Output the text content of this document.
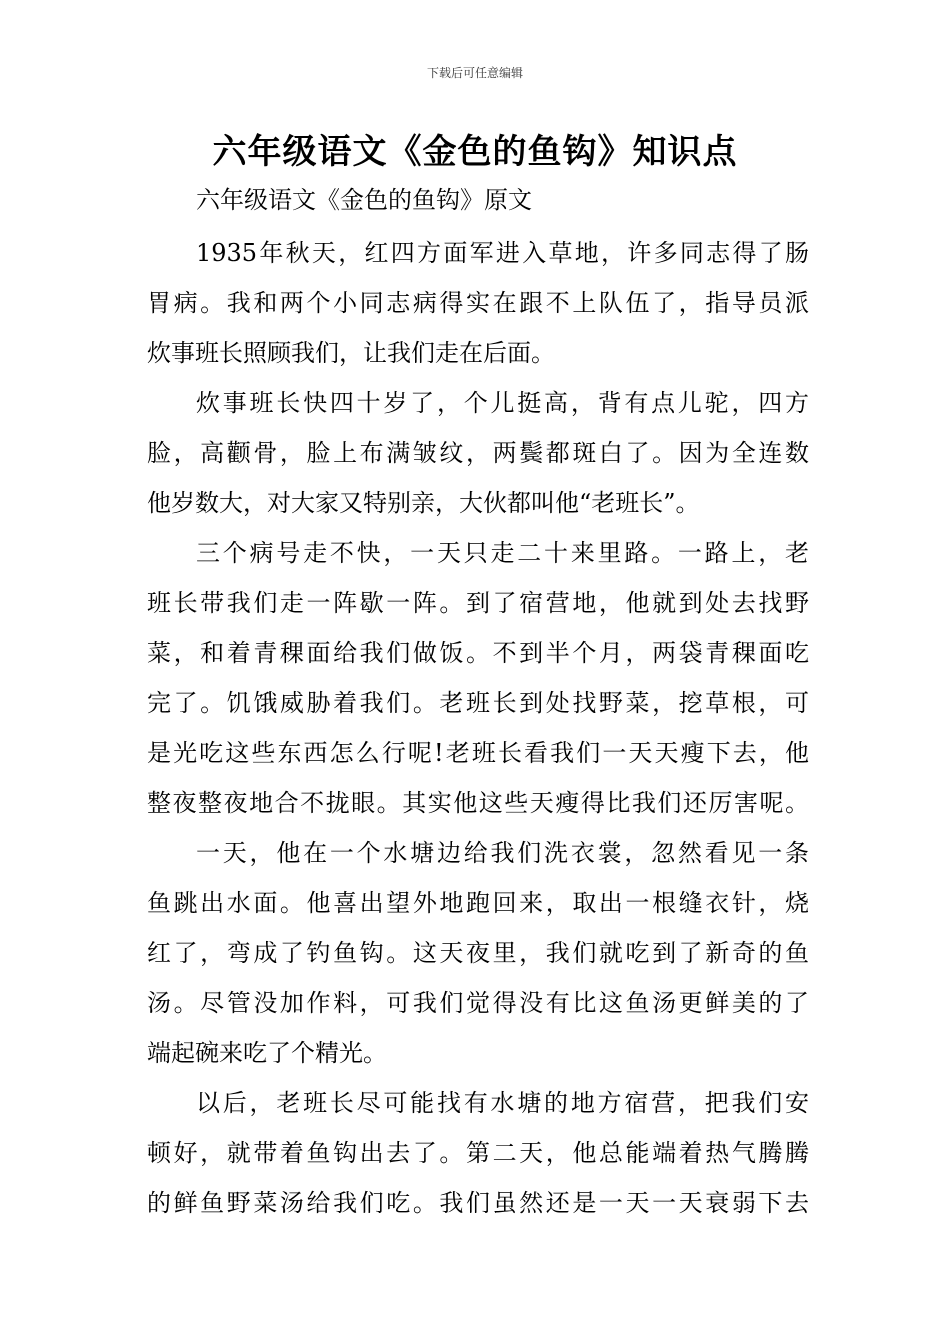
下载后可任意编辑
六年级语文《金色的鱼钩》知识点
六年级语文《金色的鱼钩》原文
1935年秋天，红四方面军进入草地，许多同志得了肠
胃病。我和两个小同志病得实在跟不上队伍了，指导员派
炊事班长照顾我们，让我们走在后面。
炊事班长快四十岁了，个儿挺高，背有点儿驼，四方
脸，高颧骨，脸上布满皱纹，两鬓都斑白了。因为全连数
他岁数大，对大家又特别亲，大伙都叫他“老班长”。
三个病号走不快，一天只走二十来里路。一路上，老
班长带我们走一阵歇一阵。到了宿营地，他就到处去找野
菜，和着青稞面给我们做饭。不到半个月，两袋青稞面吃
完了。饥饿威胁着我们。老班长到处找野菜，挖草根，可
是光吃这些东西怎么行呢!老班长看我们一天天瘦下去，他
整夜整夜地合不拢眼。其实他这些天瘦得比我们还厉害呢。
一天，他在一个水塘边给我们洗衣裳，忽然看见一条
鱼跳出水面。他喜出望外地跑回来，取出一根缝衣针，烧
红了，弯成了钓鱼钩。这天夜里，我们就吃到了新奇的鱼
汤。尽管没加作料，可我们觉得没有比这鱼汤更鲜美的了
端起碗来吃了个精光。
以后，老班长尽可能找有水塘的地方宿营，把我们安
顿好，就带着鱼钩出去了。第二天，他总能端着热气腾腾
的鲜鱼野菜汤给我们吃。我们虽然还是一天一天衰弱下去
